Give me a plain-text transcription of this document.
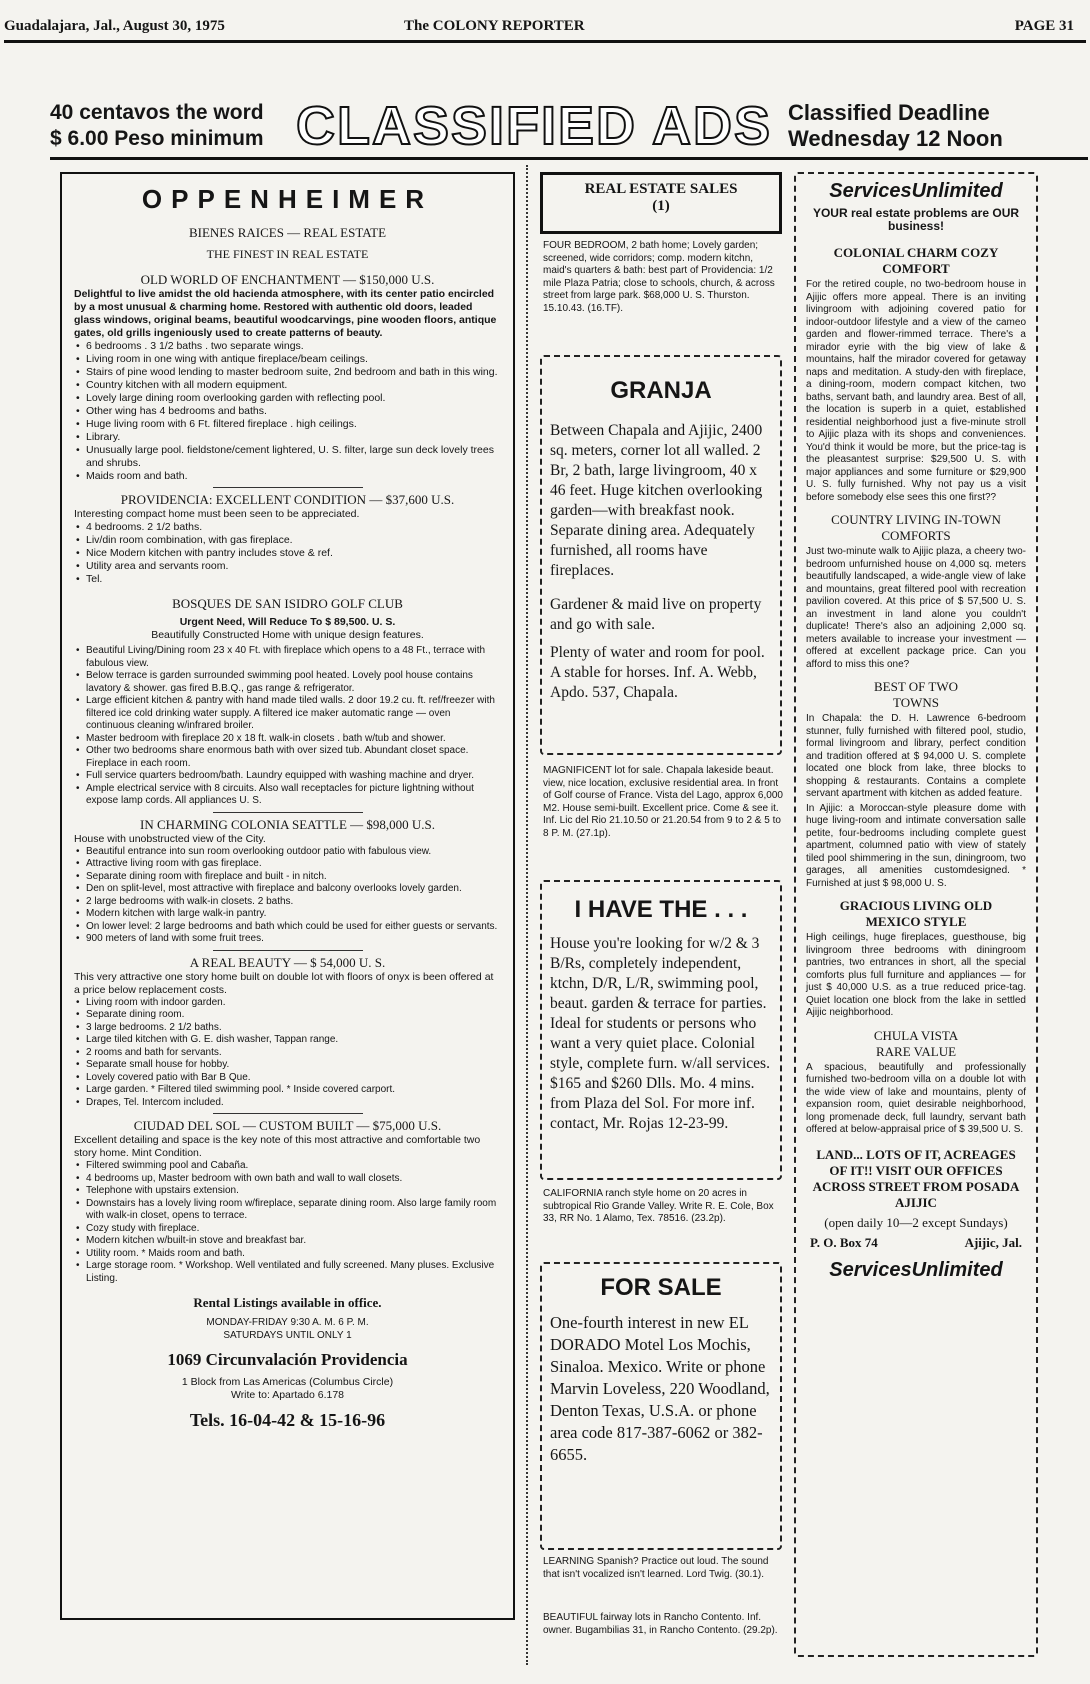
Guadalajara, Jal., August 30, 1975	The COLONY REPORTER	PAGE 31
40 centavos the word
$ 6.00 Peso minimum CLASSIFIED ADS Classified Deadline
Wednesday 12 Noon
OPPENHEIMER
BIENES RAICES — REAL ESTATE
THE FINEST IN REAL ESTATE
OLD WORLD OF ENCHANTMENT — $150,000 U.S.
Delightful to live amidst the old hacienda atmosphere, with its center patio encircled by a most unusual & charming home. Restored with authentic old doors, leaded glass windows, original beams, beautiful woodcarvings, pine wooden floors, antique gates, old grills ingeniously used to create patterns of beauty.
• 6 bedrooms . 3 1/2 baths . two separate wings.
• Living room in one wing with antique fireplace/beam ceilings.
• Stairs of pine wood lending to master bedroom suite, 2nd bedroom and bath in this wing.
• Country kitchen with all modern equipment.
• Lovely large dining room overlooking garden with reflecting pool.
• Other wing has 4 bedrooms and baths.
• Huge living room with 6 Ft. filtered fireplace . high ceilings.
• Library.
• Unusually large pool. fieldstone/cement lightered, U. S. filter, large sun deck lovely trees and shrubs.
• Maids room and bath.
PROVIDENCIA: EXCELLENT CONDITION — $37,600 U.S.
Interesting compact home must been seen to be appreciated.
• 4 bedrooms. 2 1/2 baths.
• Liv/din room combination, with gas fireplace.
• Nice Modern kitchen with pantry includes stove & ref.
• Utility area and servants room.
• Tel.
BOSQUES DE SAN ISIDRO GOLF CLUB
Urgent Need, Will Reduce To $ 89,500. U. S.
Beautifully Constructed Home with unique design features.
• Beautiful Living/Dining room 23 x 40 Ft. with fireplace which opens to a 48 Ft., terrace with fabulous view.
• Below terrace is garden surrounded swimming pool heated. Lovely pool house contains lavatory & shower. gas fired B.B.Q., gas range & refrigerator.
• Large efficient kitchen & pantry with hand made tiled walls. 2 door 19.2 cu. ft. ref/freezer with filtered ice cold drinking water supply. A filtered ice maker automatic range — oven continuous cleaning w/infrared broiler.
• Master bedroom with fireplace 20 x 18 ft. walk-in closets . bath w/tub and shower.
• Other two bedrooms share enormous bath with over sized tub. Abundant closet space. Fireplace in each room.
• Full service quarters bedroom/bath. Laundry equipped with washing machine and dryer.
• Ample electrical service with 8 circuits. Also wall receptacles for picture lightning without expose lamp cords. All appliances U. S.
IN CHARMING COLONIA SEATTLE — $98,000 U.S.
House with unobstructed view of the City.
• Beautiful entrance into sun room overlooking outdoor patio with fabulous view.
• Attractive living room with gas fireplace.
• Separate dining room with fireplace and built - in nitch.
• Den on split-level, most attractive with fireplace and balcony overlooks lovely garden.
• 2 large bedrooms with walk-in closets. 2 baths.
• Modern kitchen with large walk-in pantry.
• On lower level: 2 large bedrooms and bath which could be used for either guests or servants.
• 900 meters of land with some fruit trees.
A REAL BEAUTY — $ 54,000 U. S.
This very attractive one story home built on double lot with floors of onyx is been offered at a price below replacement costs.
• Living room with indoor garden.
• Separate dining room.
• 3 large bedrooms. 2 1/2 baths.
• Large tiled kitchen with G. E. dish washer, Tappan range.
• 2 rooms and bath for servants.
• Separate small house for hobby.
• Lovely covered patio with Bar B Que.
• Large garden. * Filtered tiled swimming pool. * Inside covered carport.
• Drapes, Tel. Intercom included.
CIUDAD DEL SOL — CUSTOM BUILT — $75,000 U.S.
Excellent detailing and space is the key note of this most attractive and comfortable two story home. Mint Condition.
• Filtered swimming pool and Cabaña.
• 4 bedrooms up, Master bedroom with own bath and wall to wall closets.
• Telephone with upstairs extension.
• Downstairs has a lovely living room w/fireplace, separate dining room. Also large family room with walk-in closet, opens to terrace.
• Cozy study with fireplace.
• Modern kitchen w/built-in stove and breakfast bar.
• Utility room. * Maids room and bath.
• Large storage room. * Workshop. Well ventilated and fully screened. Many pluses. Exclusive Listing.
Rental Listings available in office.
MONDAY-FRIDAY 9:30 A. M. 6 P. M. SATURDAYS UNTIL ONLY 1
1069 Circunvalación Providencia
1 Block from Las Americas (Columbus Circle)
Write to: Apartado 6.178
Tels. 16-04-42 & 15-16-96
REAL ESTATE SALES
(1)
FOUR BEDROOM, 2 bath home; Lovely garden; screened, wide corridors; comp. modern kitchn, maid's quarters & bath: best part of Providencia: 1/2 mile Plaza Patria; close to schools, church, & across street from large park. $68,000 U. S. Thurston. 15.10.43. (16.TF).
GRANJA
Between Chapala and Ajijic, 2400 sq. meters, corner lot all walled. 2 Br, 2 bath, large livingroom, 40 x 46 feet. Huge kitchen overlooking garden—with breakfast nook. Separate dining area. Adequately furnished, all rooms have fireplaces.
Gardener & maid live on property and go with sale.
Plenty of water and room for pool. A stable for horses. Inf. A. Webb, Apdo. 537, Chapala.
MAGNIFICENT lot for sale. Chapala lakeside beaut. view, nice location, exclusive residential area. In front of Golf course of France. Vista del Lago, approx 6,000 M2. House semi-built. Excellent price. Come & see it. Inf. Lic del Rio 21.10.50 or 21.20.54 from 9 to 2 & 5 to 8 P. M. (27.1p).
I HAVE THE . . .
House you're looking for w/2 & 3 B/Rs, completely independent, ktchn, D/R, L/R, swimming pool, beaut. garden & terrace for parties. Ideal for students or persons who want a very quiet place. Colonial style, complete furn. w/all services. $165 and $260 Dlls. Mo. 4 mins. from Plaza del Sol. For more inf. contact, Mr. Rojas 12-23-99.
CALIFORNIA ranch style home on 20 acres in subtropical Rio Grande Valley. Write R. E. Cole, Box 33, RR No. 1 Alamo, Tex. 78516. (23.2p).
FOR SALE
One-fourth interest in new EL DORADO Motel Los Mochis, Sinaloa. Mexico. Write or phone Marvin Loveless, 220 Woodland, Denton Texas, U.S.A. or phone area code 817-387-6062 or 382-6655.
LEARNING Spanish? Practice out loud. The sound that isn't vocalized isn't learned. Lord Twig. (30.1).
BEAUTIFUL fairway lots in Rancho Contento. Inf. owner. Bugambilias 31, in Rancho Contento. (29.2p).
ServicesUnlimited
YOUR real estate problems are OUR business!
COLONIAL CHARM COZY COMFORT
For the retired couple, no two-bedroom house in Ajijic offers more appeal. There is an inviting livingroom with adjoining covered patio for indoor-outdoor lifestyle and a view of the cameo garden and flower-rimmed terrace. There's a mirador eyrie with the big view of lake & mountains, half the mirador covered for getaway naps and meditation. A study-den with fireplace, a dining-room, modern compact kitchen, two baths, servant bath, and laundry area. Best of all, the location is superb in a quiet, established residential neighborhood just a five-minute stroll to Ajijic plaza with its shops and conveniences. You'd think it would be more, but the price-tag is the pleasantest surprise: $29,500 U. S. with major appliances and some furniture or $29,900 U. S. fully furnished. Why not pay us a visit before somebody else sees this one first??
COUNTRY LIVING IN-TOWN COMFORTS
Just two-minute walk to Ajijic plaza, a cheery two-bedroom unfurnished house on 4,000 sq. meters beautifully landscaped, a wide-angle view of lake and mountains, great filtered pool with recreation pavilion covered. At this price of $ 57,500 U. S. an investment in land alone you couldn't duplicate! There's also an adjoining 2,000 sq. meters available to increase your investment — offered at excellent package price. Can you afford to miss this one?
BEST OF TWO TOWNS
In Chapala: the D. H. Lawrence 6-bedroom stunner, fully furnished with filtered pool, studio, formal livingroom and library, perfect condition and tradition offered at $ 94,000 U. S. complete located one block from lake, three blocks to shopping & restaurants. Contains a complete servant apartment with kitchen as added feature.
In Ajijic: a Moroccan-style pleasure dome with huge living-room and intimate conversation salle petite, four-bedrooms including complete guest apartment, columned patio with view of stately tiled pool shimmering in the sun, diningroom, two garages, all amenities customdesigned. * Furnished at just $ 98,000 U. S.
GRACIOUS LIVING OLD MEXICO STYLE
High ceilings, huge fireplaces, guesthouse, big livingroom three bedrooms with diningroom pantries, two entrances in short, all the special comforts plus full furniture and appliances — for just $ 40,000 U.S. as a true reduced price-tag. Quiet location one block from the lake in settled Ajijic neighborhood.
CHULA VISTA RARE VALUE
A spacious, beautifully and professionally furnished two-bedroom villa on a double lot with the wide view of lake and mountains, plenty of expansion room, quiet desirable neighborhood, long promenade deck, full laundry, servant bath offered at below-appraisal price of $ 39,500 U. S.
LAND... LOTS OF IT, ACREAGES OF IT!! VISIT OUR OFFICES ACROSS STREET FROM POSADA AJIJIC
(open daily 10—2 except Sundays)
P. O. Box 74	Ajijic, Jal.
ServicesUnlimited
